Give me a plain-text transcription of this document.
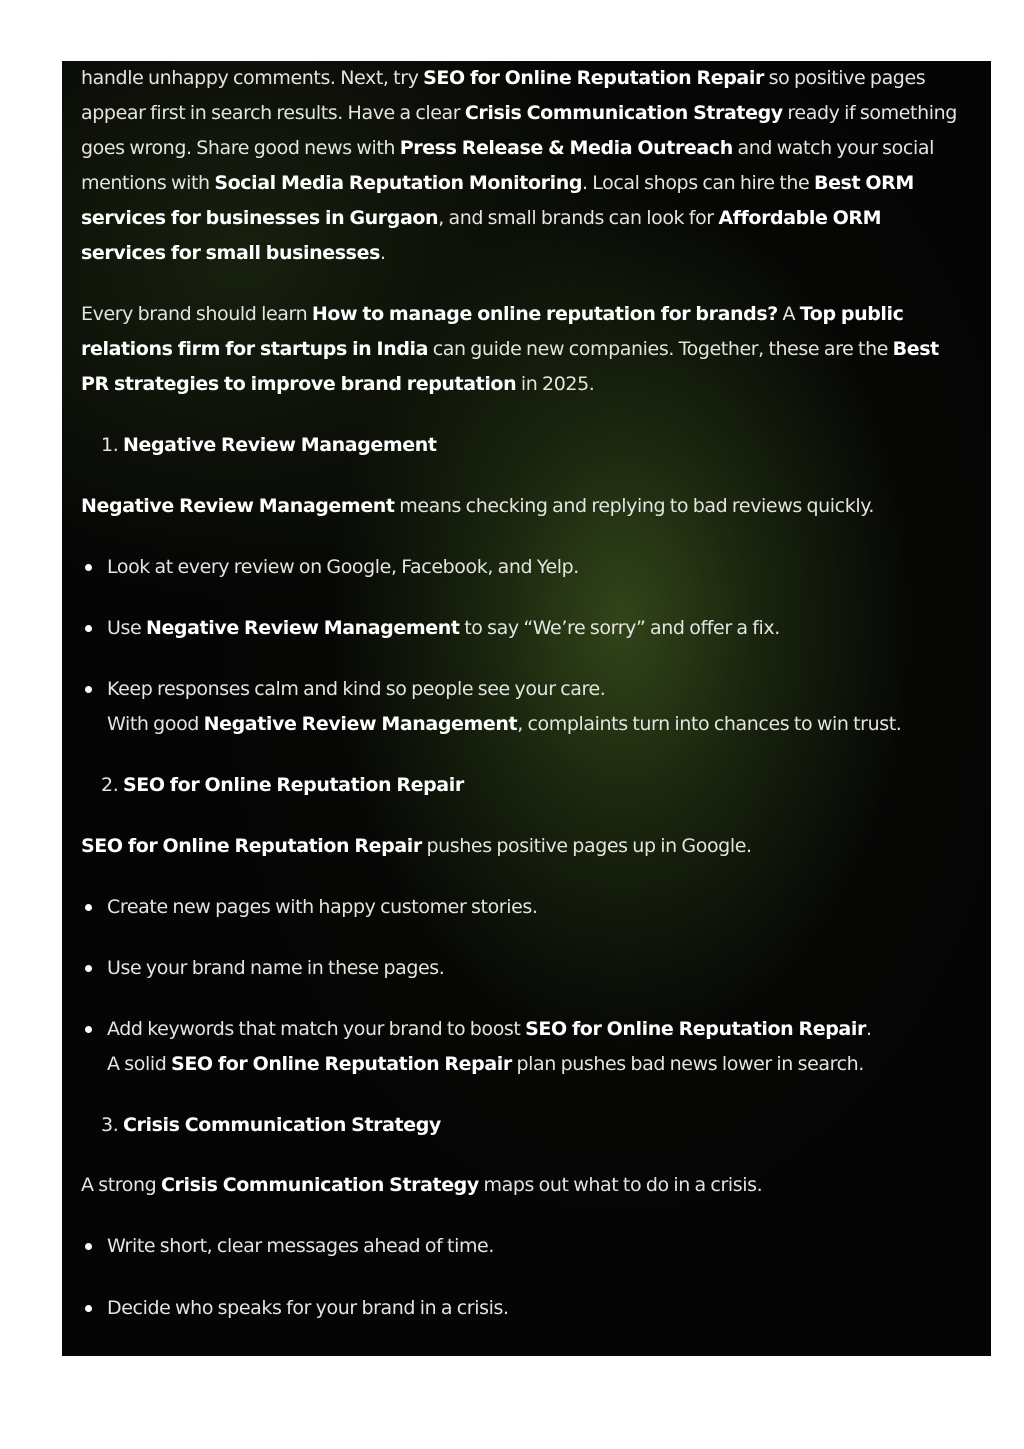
handle unhappy comments. Next, try SEO for Online Reputation Repair so positive pages appear first in search results. Have a clear Crisis Communication Strategy ready if something goes wrong. Share good news with Press Release & Media Outreach and watch your social mentions with Social Media Reputation Monitoring. Local shops can hire the Best ORM services for businesses in Gurgaon, and small brands can look for Affordable ORM services for small businesses.

Every brand should learn How to manage online reputation for brands? A Top public relations firm for startups in India can guide new companies. Together, these are the Best PR strategies to improve brand reputation in 2025.

1. Negative Review Management

Negative Review Management means checking and replying to bad reviews quickly.

Look at every review on Google, Facebook, and Yelp.
Use Negative Review Management to say “We’re sorry” and offer a fix.
Keep responses calm and kind so people see your care.
With good Negative Review Management, complaints turn into chances to win trust.

2. SEO for Online Reputation Repair

SEO for Online Reputation Repair pushes positive pages up in Google.

Create new pages with happy customer stories.
Use your brand name in these pages.
Add keywords that match your brand to boost SEO for Online Reputation Repair.
A solid SEO for Online Reputation Repair plan pushes bad news lower in search.

3. Crisis Communication Strategy

A strong Crisis Communication Strategy maps out what to do in a crisis.

Write short, clear messages ahead of time.
Decide who speaks for your brand in a crisis.
